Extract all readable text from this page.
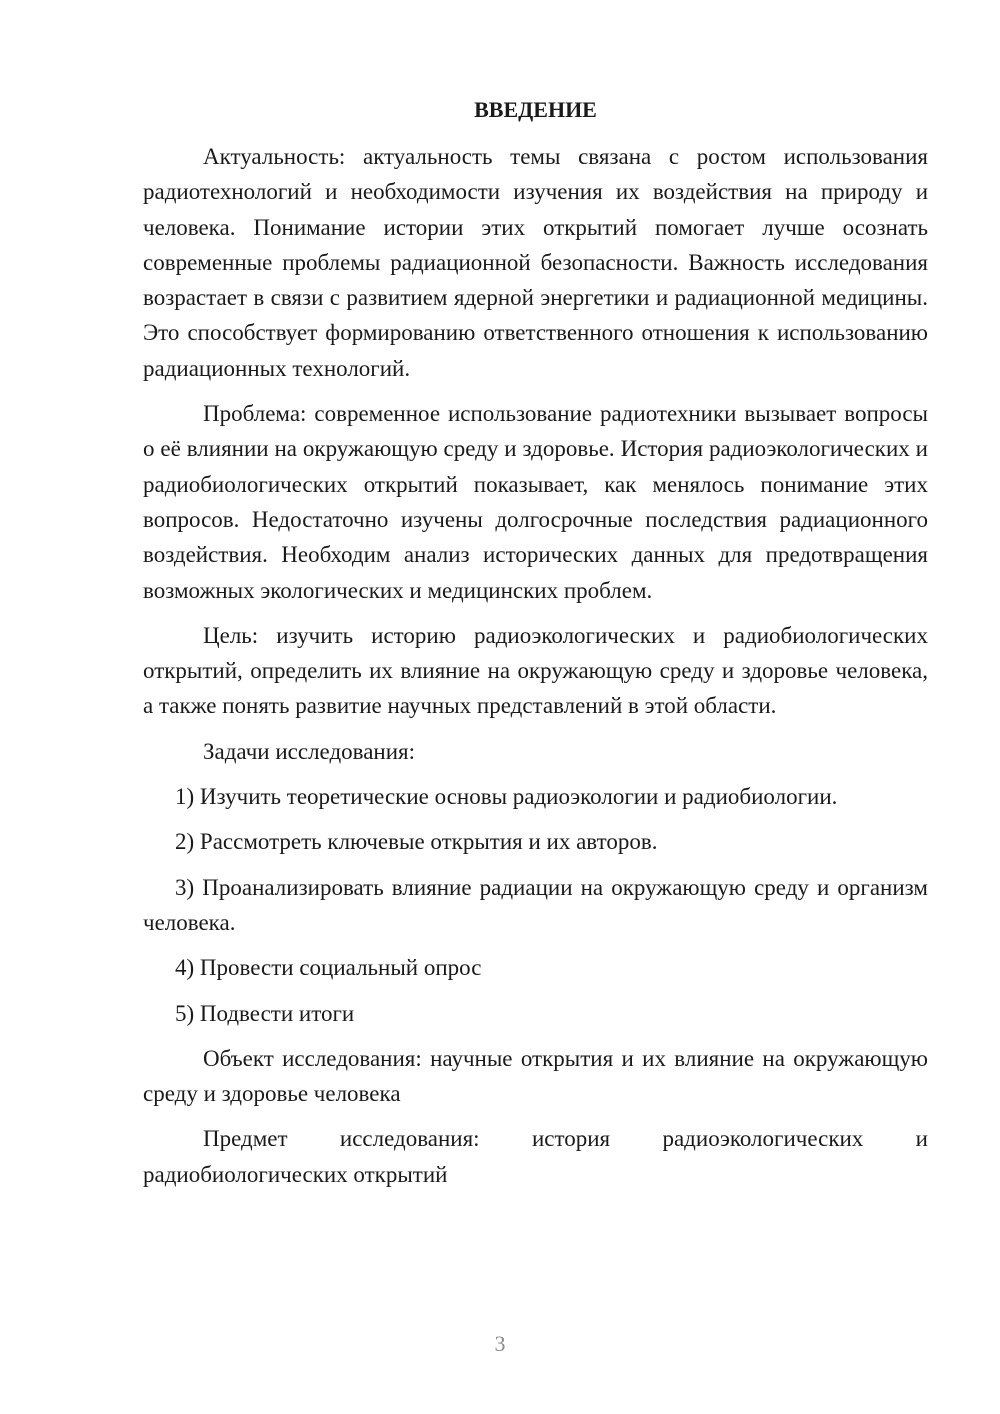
ВВЕДЕНИЕ

Актуальность: актуальность темы связана с ростом использования радиотехнологий и необходимости изучения их воздействия на природу и человека. Понимание истории этих открытий помогает лучше осознать современные проблемы радиационной безопасности. Важность исследования возрастает в связи с развитием ядерной энергетики и радиационной медицины. Это способствует формированию ответственного отношения к использованию радиационных технологий.

Проблема: современное использование радиотехники вызывает вопросы о её влиянии на окружающую среду и здоровье. История радиоэкологических и радиобиологических открытий показывает, как менялось понимание этих вопросов. Недостаточно изучены долгосрочные последствия радиационного воздействия. Необходим анализ исторических данных для предотвращения возможных экологических и медицинских проблем.

Цель: изучить историю радиоэкологических и радиобиологических открытий, определить их влияние на окружающую среду и здоровье человека, а также понять развитие научных представлений в этой области.

Задачи исследования:

1) Изучить теоретические основы радиоэкологии и радиобиологии.

2) Рассмотреть ключевые открытия и их авторов.

3) Проанализировать влияние радиации на окружающую среду и организм человека.

4) Провести социальный опрос

5) Подвести итоги

Объект исследования: научные открытия и их влияние на окружающую среду и здоровье человека

Предмет исследования: история радиоэкологических и радиобиологических открытий

3
